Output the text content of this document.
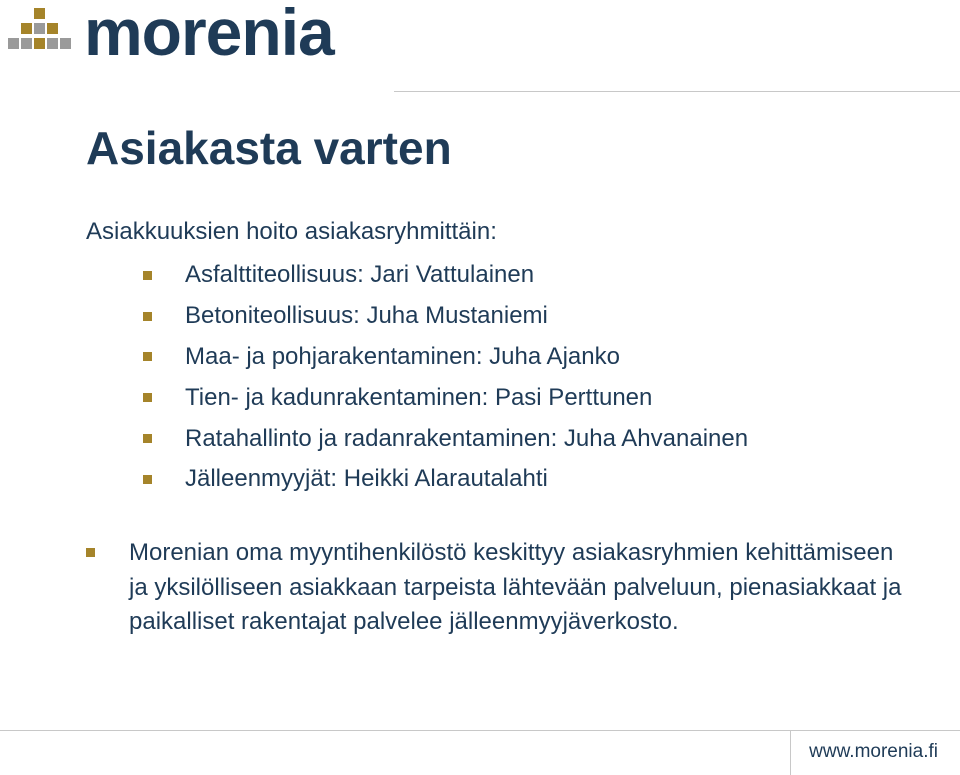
morenia
Asiakasta varten
Asiakkuuksien hoito asiakasryhmittäin:
Asfalttiteollisuus: Jari Vattulainen
Betoniteollisuus: Juha Mustaniemi
Maa- ja pohjarakentaminen: Juha Ajanko
Tien- ja kadunrakentaminen: Pasi Perttunen
Ratahallinto ja radanrakentaminen: Juha Ahvanainen
Jälleenmyyjät: Heikki Alarautalahti
Morenian oma myyntihenkilöstö keskittyy asiakasryhmien kehittämiseen ja yksilölliseen asiakkaan tarpeista lähtevään palveluun, pienasiakkaat ja paikalliset rakentajat palvelee jälleenmyyjäverkosto.
www.morenia.fi
